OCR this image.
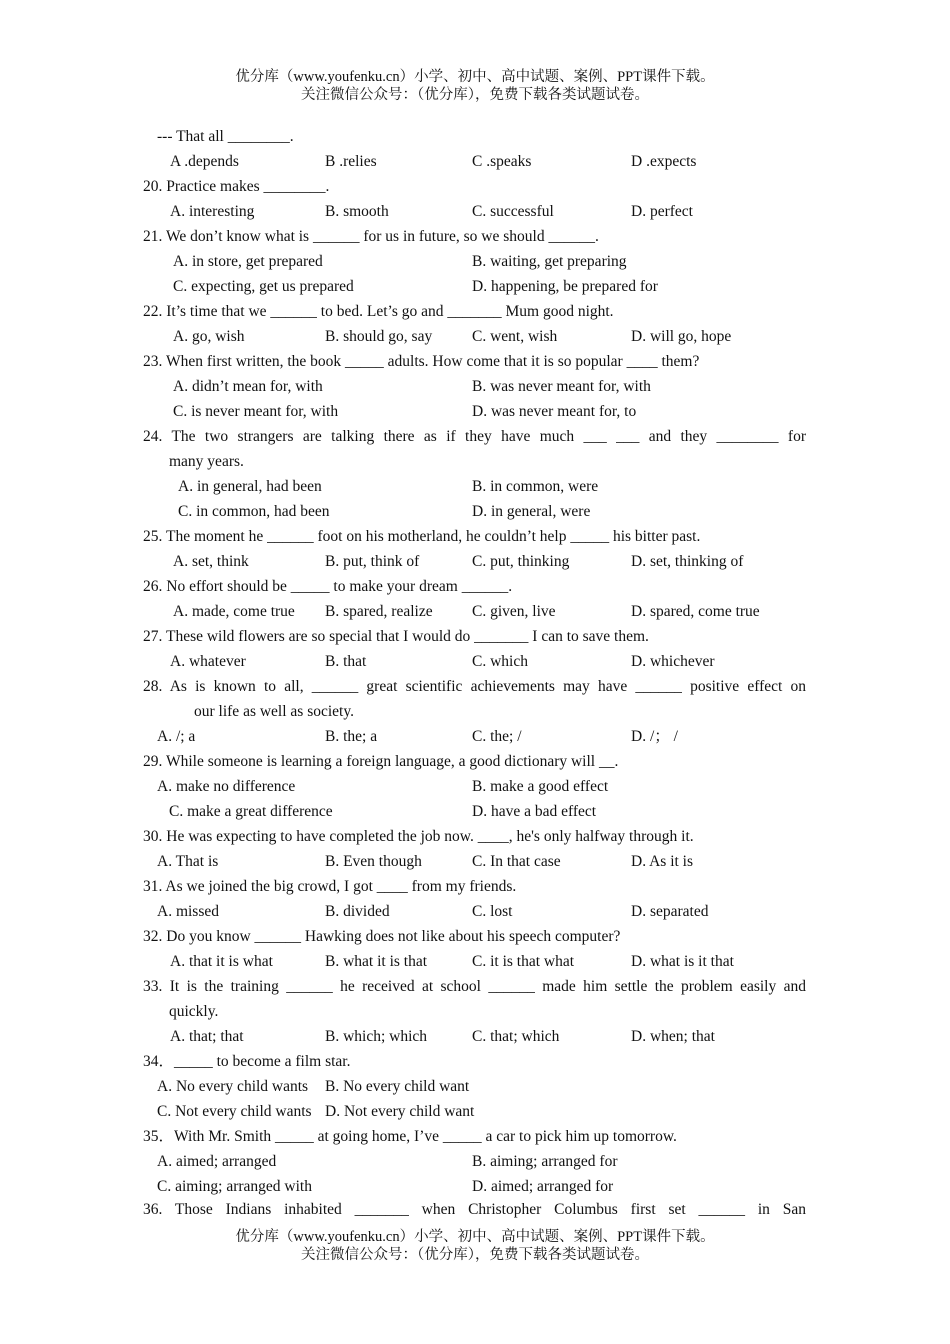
优分库（www.youfenku.cn）小学、初中、高中试题、案例、PPT课件下载。
关注微信公众号：（优分库），免费下载各类试题试卷。
--- That all ________.
A .depends	B .relies	C .speaks	D .expects
20. Practice makes ________.
A. interesting	B. smooth	C. successful	D. perfect
21. We don’t know what is ______ for us in future, so we should ______.
A. in store, get prepared	B. waiting, get preparing
C. expecting, get us prepared	D. happening, be prepared for
22. It’s time that we ______ to bed. Let’s go and _______ Mum good night.
A. go, wish	B. should go, say	C. went, wish	D. will go, hope
23. When first written, the book _____ adults. How come that it is so popular ____ them?
A. didn’t mean for, with	B. was never meant for, with
C. is never meant for, with	D. was never meant for, to
24. The two strangers are talking there as if they have much ___ ___ and they ________ for
many years.
A. in general, had been	B. in common, were
C. in common, had been	D. in general, were
25. The moment he ______ foot on his motherland, he couldn’t help _____ his bitter past.
A. set, think	B. put, think of	C. put, thinking	D. set, thinking of
26. No effort should be _____ to make your dream ______.
A. made, come true B. spared, realize	C. given, live	D. spared, come true
27. These wild flowers are so special that I would do _______ I can to save them.
A. whatever	B. that	C. which	D. whichever
28. As is known to all, ______ great scientific achievements may have ______ positive effect on
our life as well as society.
A. /; a	B. the; a	C. the; /	D. /； /
29. While someone is learning a foreign language, a good dictionary will __.
A. make no difference	B. make a good effect
C. make a great difference	D. have a bad effect
30. He was expecting to have completed the job now. ____, he's only halfway through it.
A. That is	B. Even though	C. In that case	D. As it is
31. As we joined the big crowd, I got ____ from my friends.
A. missed	B. divided	C. lost	D. separated
32. Do you know ______ Hawking does not like about his speech computer?
A. that it is what	B. what it is that	C. it is that what	D. what is it that
33. It is the training ______ he received at school ______ made him settle the problem easily and
quickly.
A. that; that	B. which; which	C. that; which	D. when; that
34．_____ to become a film star.
A. No every child wants B. No every child want
C. Not every child wants D. Not every child want
35．With Mr. Smith _____ at going home, I’ve _____ a car to pick him up tomorrow.
A. aimed; arranged	B. aiming; arranged for
C. aiming; arranged with	D. aimed; arranged for
36. Those Indians inhabited _______ when Christopher Columbus first set ______ in San
优分库（www.youfenku.cn）小学、初中、高中试题、案例、PPT课件下载。
关注微信公众号：（优分库），免费下载各类试题试卷。
